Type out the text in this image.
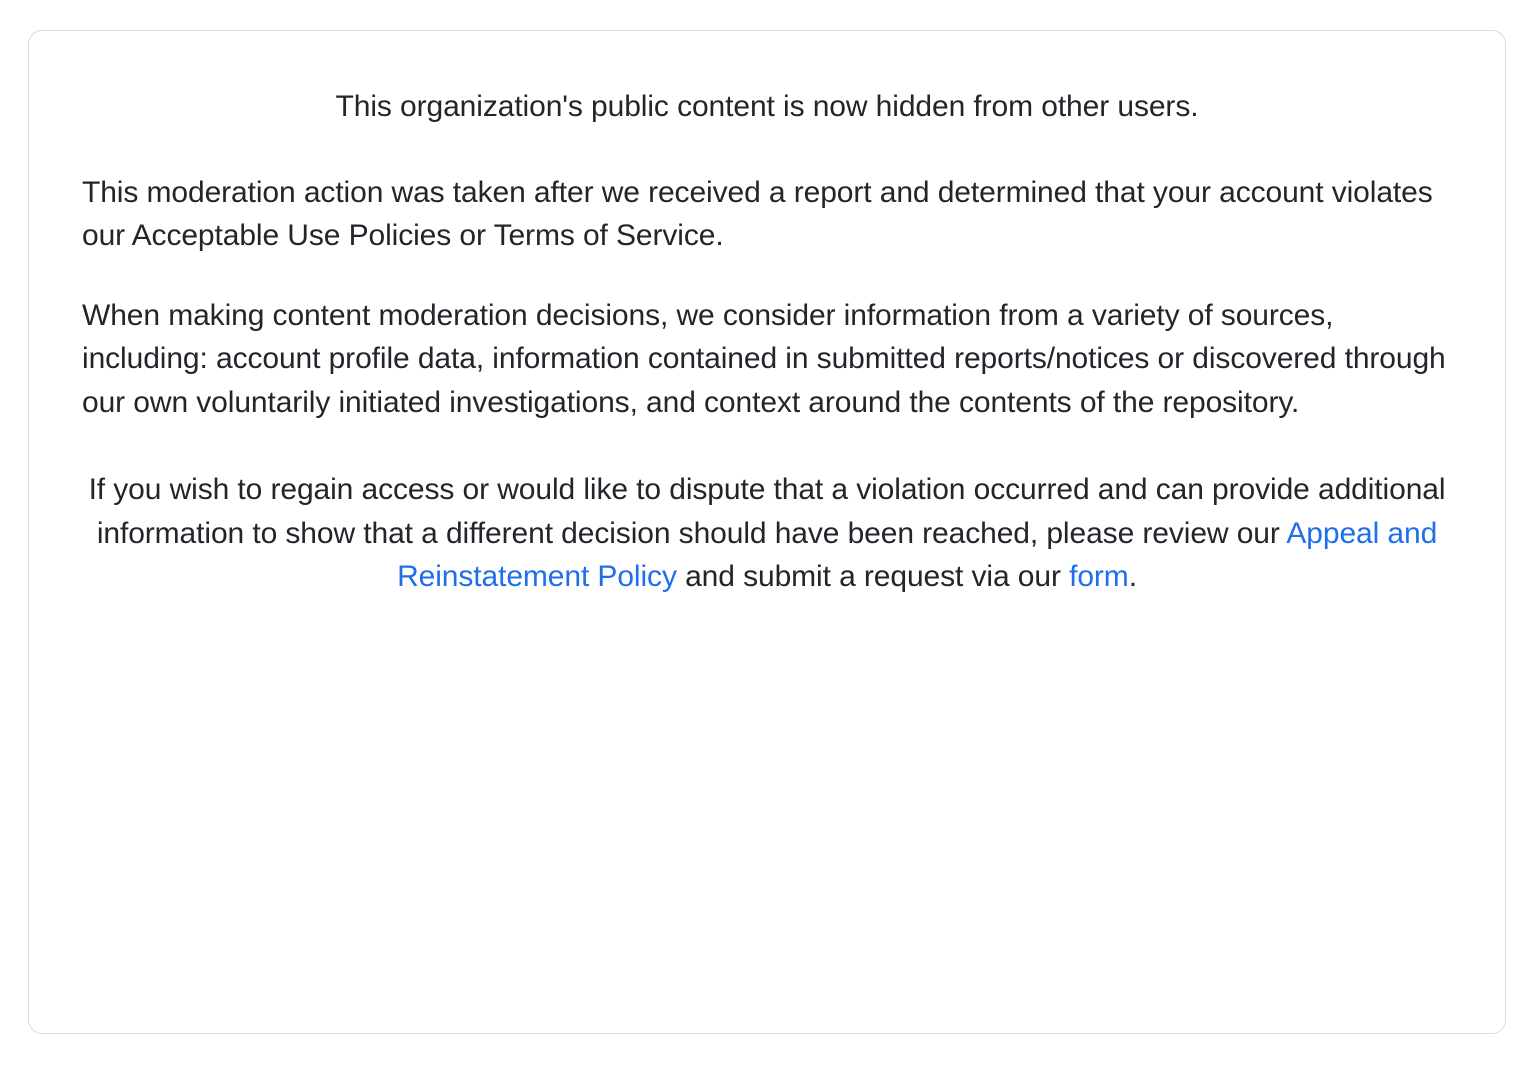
This organization's public content is now hidden from other users.

This moderation action was taken after we received a report and determined that your account violates our Acceptable Use Policies or Terms of Service.

When making content moderation decisions, we consider information from a variety of sources, including: account profile data, information contained in submitted reports/notices or discovered through our own voluntarily initiated investigations, and context around the contents of the repository.

If you wish to regain access or would like to dispute that a violation occurred and can provide additional information to show that a different decision should have been reached, please review our Appeal and Reinstatement Policy and submit a request via our form.
